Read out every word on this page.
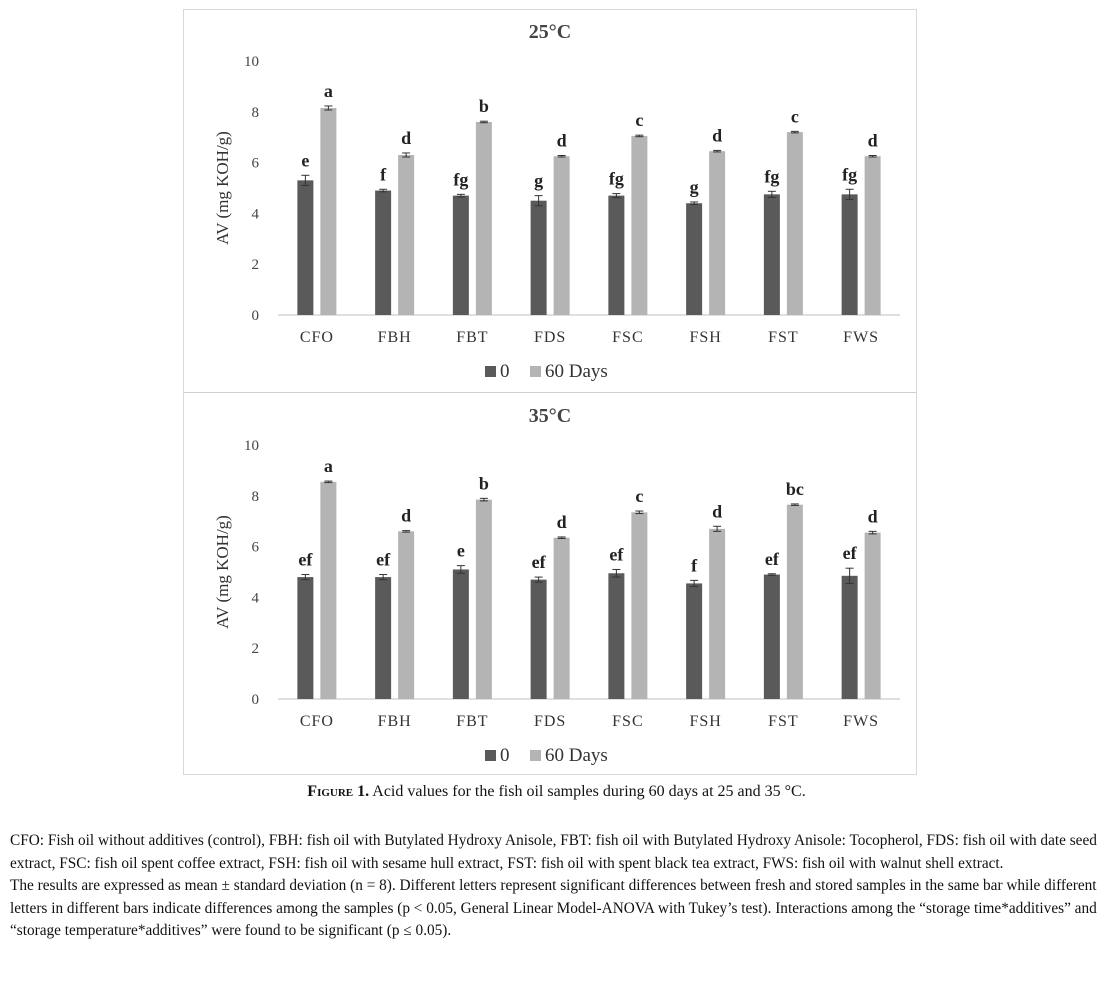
25°C
AV (mg KOH/g)
0
2
4
6
8
10
e
a
CFO
f
d
FBH
fg
b
FBT
g
d
FDS
fg
c
FSC
g
d
FSH
fg
c
FST
fg
d
FWS
0 60 Days
35°C
AV (mg KOH/g)
0
2
4
6
8
10
ef
a
CFO
ef
d
FBH
e
b
FBT
ef
d
FDS
ef
c
FSC
f
d
FSH
ef
bc
FST
ef
d
FWS
0 60 Days
Figure 1. Acid values for the fish oil samples during 60 days at 25 and 35 °C.

CFO: Fish oil without additives (control), FBH: fish oil with Butylated Hydroxy Anisole, FBT: fish oil with Butylated Hydroxy Anisole: Tocopherol, FDS: fish oil with date seed extract, FSC: fish oil spent coffee extract, FSH: fish oil with sesame hull extract, FST: fish oil with spent black tea extract, FWS: fish oil with walnut shell extract.

The results are expressed as mean ± standard deviation (n = 8). Different letters represent significant differences between fresh and stored samples in the same bar while different letters in different bars indicate differences among the samples (p < 0.05, General Linear Model-ANOVA with Tukey’s test). Interactions among the “storage time*additives” and “storage temperature*additives” were found to be significant (p ≤ 0.05).
